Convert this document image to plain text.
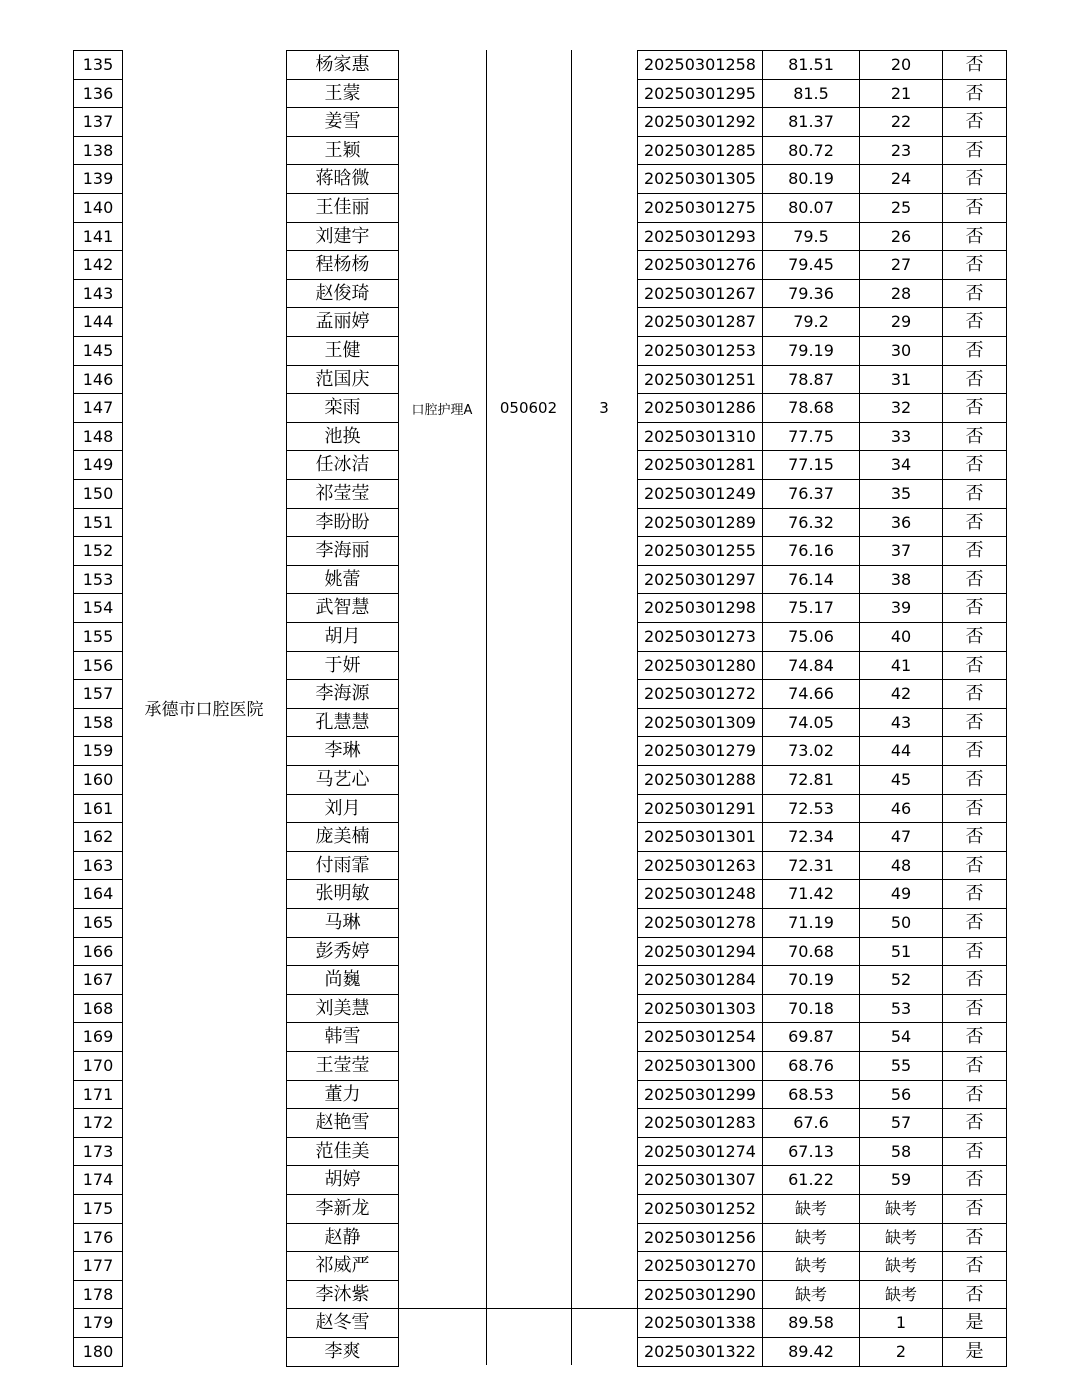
承德市口腔医院
口腔护理A	050602	3
135	杨家惠	20250301258	81.51	20	否
136	王蒙	20250301295	81.5	21	否
137	姜雪	20250301292	81.37	22	否
138	王颖	20250301285	80.72	23	否
139	蒋晗微	20250301305	80.19	24	否
140	王佳丽	20250301275	80.07	25	否
141	刘建宇	20250301293	79.5	26	否
142	程杨杨	20250301276	79.45	27	否
143	赵俊琦	20250301267	79.36	28	否
144	孟丽婷	20250301287	79.2	29	否
145	王健	20250301253	79.19	30	否
146	范国庆	20250301251	78.87	31	否
147	栾雨	20250301286	78.68	32	否
148	池换	20250301310	77.75	33	否
149	任冰洁	20250301281	77.15	34	否
150	祁莹莹	20250301249	76.37	35	否
151	李盼盼	20250301289	76.32	36	否
152	李海丽	20250301255	76.16	37	否
153	姚蕾	20250301297	76.14	38	否
154	武智慧	20250301298	75.17	39	否
155	胡月	20250301273	75.06	40	否
156	于妍	20250301280	74.84	41	否
157	李海源	20250301272	74.66	42	否
158	孔慧慧	20250301309	74.05	43	否
159	李琳	20250301279	73.02	44	否
160	马艺心	20250301288	72.81	45	否
161	刘月	20250301291	72.53	46	否
162	庞美楠	20250301301	72.34	47	否
163	付雨霏	20250301263	72.31	48	否
164	张明敏	20250301248	71.42	49	否
165	马琳	20250301278	71.19	50	否
166	彭秀婷	20250301294	70.68	51	否
167	尚巍	20250301284	70.19	52	否
168	刘美慧	20250301303	70.18	53	否
169	韩雪	20250301254	69.87	54	否
170	王莹莹	20250301300	68.76	55	否
171	董力	20250301299	68.53	56	否
172	赵艳雪	20250301283	67.6	57	否
173	范佳美	20250301274	67.13	58	否
174	胡婷	20250301307	61.22	59	否
175	李新龙	20250301252	缺考	缺考	否
176	赵静	20250301256	缺考	缺考	否
177	祁威严	20250301270	缺考	缺考	否
178	李沐紫	20250301290	缺考	缺考	否
179	赵冬雪	20250301338	89.58	1	是
180	李爽	20250301322	89.42	2	是
